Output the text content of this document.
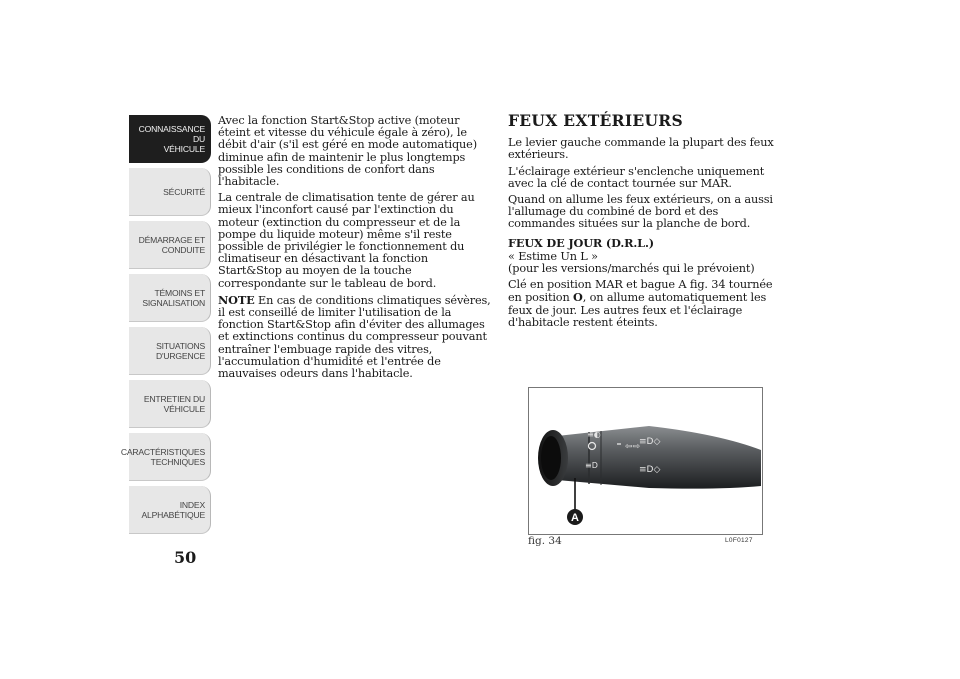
CONNAISSANCE DU
VÉHICULE
SÉCURITÉ
DÉMARRAGE ET
CONDUITE
TÉMOINS ET
SIGNALISATION
SITUATIONS
D'URGENCE
ENTRETIEN DU
VÉHICULE
CARACTÉRISTIQUES
TECHNIQUES
INDEX
ALPHABÉTIQUE
50

Avec la fonction Start&Stop active (moteur éteint et vitesse du véhicule égale à zéro), le débit d'air (s'il est géré en mode automatique) diminue afin de maintenir le plus longtemps possible les conditions de confort dans l'habitacle.

La centrale de climatisation tente de gérer au mieux l'inconfort causé par l'extinction du moteur (extinction du compresseur et de la pompe du liquide moteur) même s'il reste possible de privilégier le fonctionnement du climatiseur en désactivant la fonction Start&Stop au moyen de la touche correspondante sur le tableau de bord.

NOTE En cas de conditions climatiques sévères, il est conseillé de limiter l'utilisation de la fonction Start&Stop afin d'éviter des allumages et extinctions continus du compresseur pouvant entraîner l'embuage rapide des vitres, l'accumulation d'humidité et l'entrée de mauvaises odeurs dans l'habitacle.

FEUX EXTÉRIEURS

Le levier gauche commande la plupart des feux extérieurs.

L'éclairage extérieur s'enclenche uniquement avec la clé de contact tournée sur MAR.

Quand on allume les feux extérieurs, on a aussi l'allumage du combiné de bord et des commandes situées sur la planche de bord.

FEUX DE JOUR (D.R.L.)
« Estime Un L »

(pour les versions/marchés qui le prévoient)

Clé en position MAR et bague A fig. 34 tournée en position O, on allume automatiquement les feux de jour. Les autres feux et l'éclairage d'habitacle restent éteints.

≡◐
≡D
⇦⇨
≡D◇
≡D◇
A
fig. 34	L0F0127
